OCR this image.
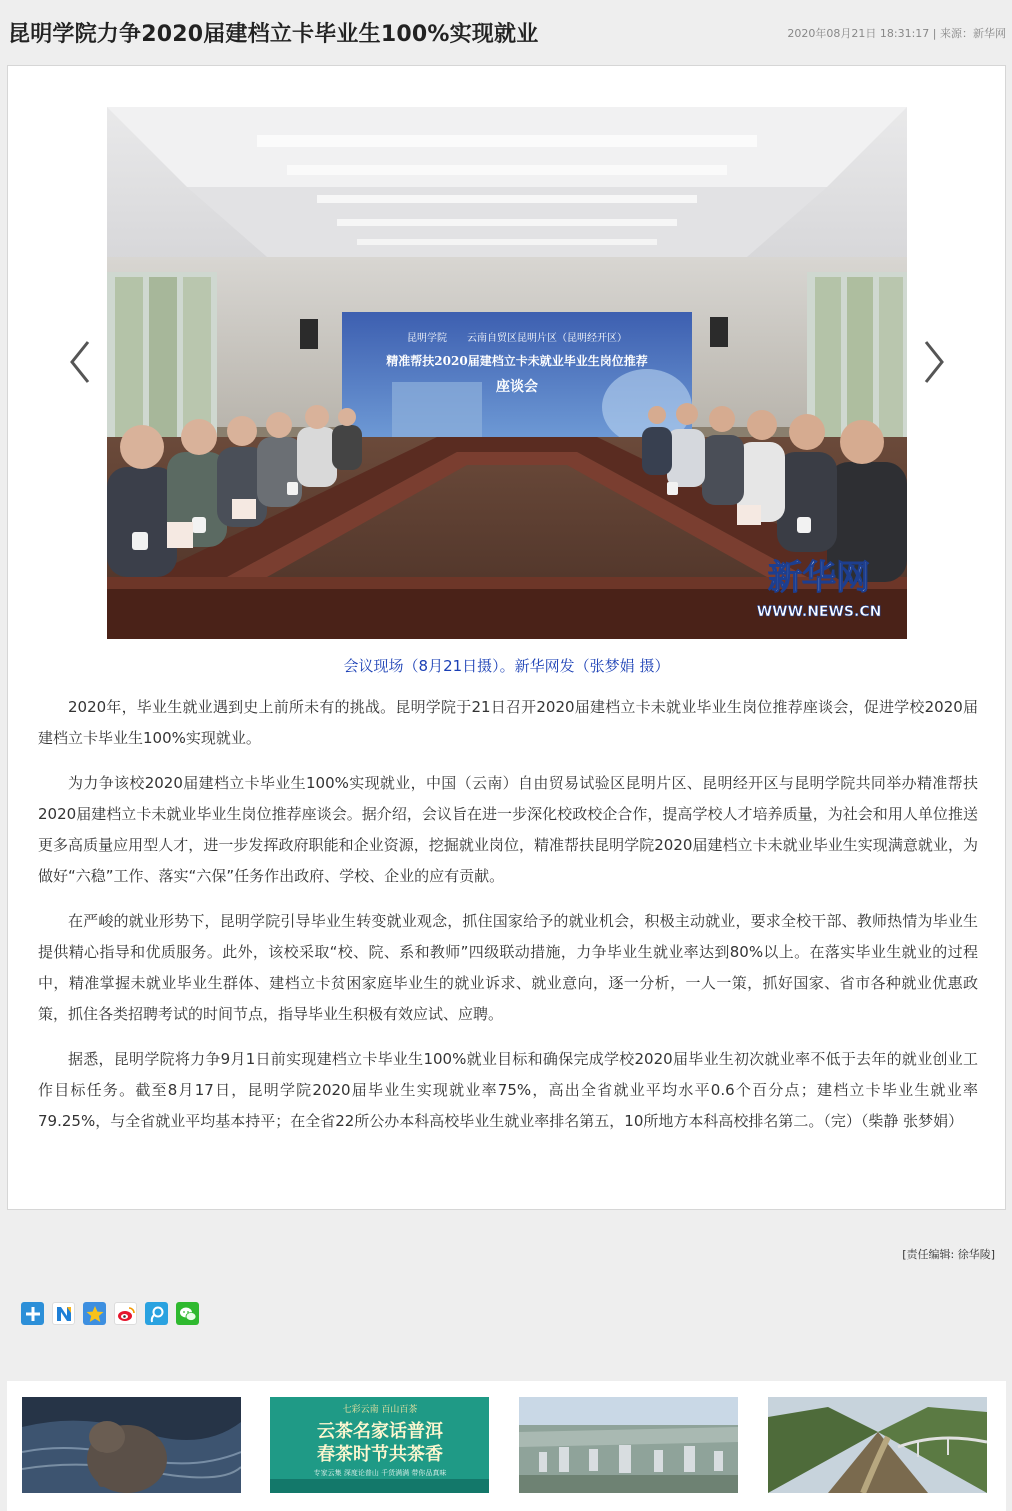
昆明学院力争2020届建档立卡毕业生100%实现就业	2020年08月21日 18:31:17 | 来源：新华网
昆明学院　　云南自贸区昆明片区（昆明经开区）
精准帮扶2020届建档立卡未就业毕业生岗位推荐
座谈会
新华网
WWW.NEWS.CN
会议现场（8月21日摄）。新华网发（张梦娟 摄）

2020年，毕业生就业遇到史上前所未有的挑战。昆明学院于21日召开2020届建档立卡未就业毕业生岗位推荐座谈会，促进学校2020届建档立卡毕业生100%实现就业。

为力争该校2020届建档立卡毕业生100%实现就业，中国（云南）自由贸易试验区昆明片区、昆明经开区与昆明学院共同举办精准帮扶2020届建档立卡未就业毕业生岗位推荐座谈会。据介绍，会议旨在进一步深化校政校企合作，提高学校人才培养质量，为社会和用人单位推送更多高质量应用型人才，进一步发挥政府职能和企业资源，挖掘就业岗位，精准帮扶昆明学院2020届建档立卡未就业毕业生实现满意就业，为做好“六稳”工作、落实“六保”任务作出政府、学校、企业的应有贡献。

在严峻的就业形势下，昆明学院引导毕业生转变就业观念，抓住国家给予的就业机会，积极主动就业，要求全校干部、教师热情为毕业生提供精心指导和优质服务。此外，该校采取“校、院、系和教师”四级联动措施，力争毕业生就业率达到80%以上。在落实毕业生就业的过程中，精准掌握未就业毕业生群体、建档立卡贫困家庭毕业生的就业诉求、就业意向，逐一分析，一人一策，抓好国家、省市各种就业优惠政策，抓住各类招聘考试的时间节点，指导毕业生积极有效应试、应聘。

据悉，昆明学院将力争9月1日前实现建档立卡毕业生100%就业目标和确保完成学校2020届毕业生初次就业率不低于去年的就业创业工作目标任务。截至8月17日，昆明学院2020届毕业生实现就业率75%，高出全省就业平均水平0.6个百分点；建档立卡毕业生就业率79.25%，与全省就业平均基本持平；在全省22所公办本科高校毕业生就业率排名第五，10所地方本科高校排名第二。（完）（柴静 张梦娟）

[责任编辑: 徐华陵]
七彩云南 百山百茶
云茶名家话普洱
春茶时节共茶香
专家云集 深度论普山 千货满满 带你品真味
